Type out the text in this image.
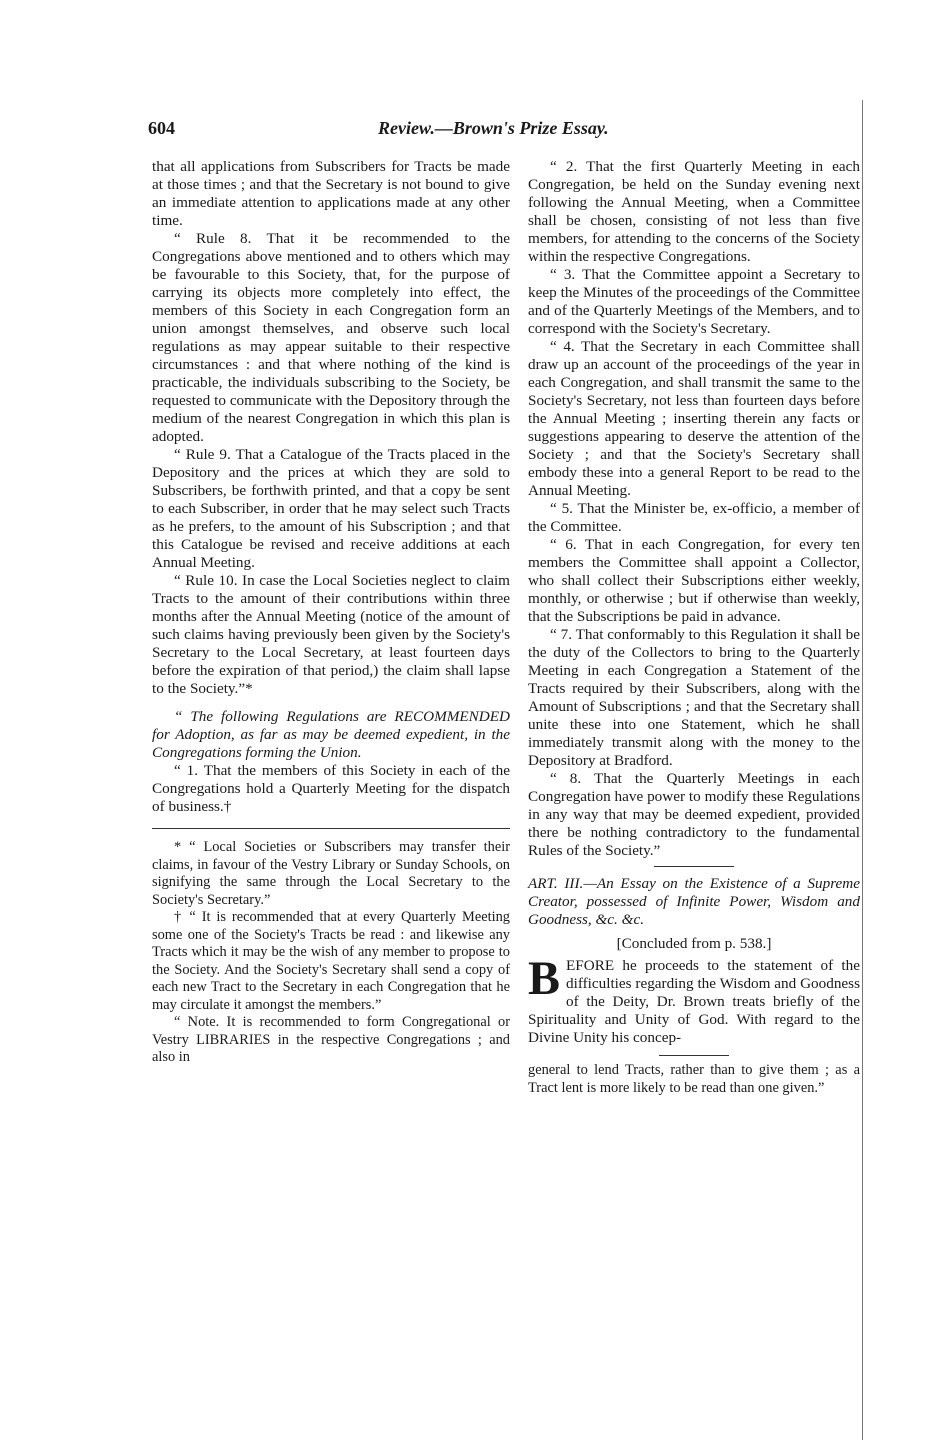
604	Review.—Brown's Prize Essay.

that all applications from Subscribers for Tracts be made at those times ; and that the Secretary is not bound to give an immediate attention to applications made at any other time.

“ Rule 8. That it be recommended to the Congregations above mentioned and to others which may be favourable to this Society, that, for the purpose of carrying its objects more completely into effect, the members of this Society in each Congregation form an union amongst themselves, and observe such local regulations as may appear suitable to their respective circumstances : and that where nothing of the kind is practicable, the individuals subscribing to the Society, be requested to communicate with the Depository through the medium of the nearest Congregation in which this plan is adopted.

“ Rule 9. That a Catalogue of the Tracts placed in the Depository and the prices at which they are sold to Subscribers, be forthwith printed, and that a copy be sent to each Subscriber, in order that he may select such Tracts as he prefers, to the amount of his Subscription ; and that this Catalogue be revised and receive additions at each Annual Meeting.

“ Rule 10. In case the Local Societies neglect to claim Tracts to the amount of their contributions within three months after the Annual Meeting (notice of the amount of such claims having previously been given by the Society's Secretary to the Local Secretary, at least fourteen days before the expiration of that period,) the claim shall lapse to the Society.”*

“ The following Regulations are RECOMMENDED for Adoption, as far as may be deemed expedient, in the Congregations forming the Union.

“ 1. That the members of this Society in each of the Congregations hold a Quarterly Meeting for the dispatch of business.†

* “ Local Societies or Subscribers may transfer their claims, in favour of the Vestry Library or Sunday Schools, on signifying the same through the Local Secretary to the Society's Secretary.”

† “ It is recommended that at every Quarterly Meeting some one of the Society's Tracts be read : and likewise any Tracts which it may be the wish of any member to propose to the Society. And the Society's Secretary shall send a copy of each new Tract to the Secretary in each Congregation that he may circulate it amongst the members.”

“ Note. It is recommended to form Congregational or Vestry LIBRARIES in the respective Congregations ; and also in

“ 2. That the first Quarterly Meeting in each Congregation, be held on the Sunday evening next following the Annual Meeting, when a Committee shall be chosen, consisting of not less than five members, for attending to the concerns of the Society within the respective Congregations.

“ 3. That the Committee appoint a Secretary to keep the Minutes of the proceedings of the Committee and of the Quarterly Meetings of the Members, and to correspond with the Society's Secretary.

“ 4. That the Secretary in each Committee shall draw up an account of the proceedings of the year in each Congregation, and shall transmit the same to the Society's Secretary, not less than fourteen days before the Annual Meeting ; inserting therein any facts or suggestions appearing to deserve the attention of the Society ; and that the Society's Secretary shall embody these into a general Report to be read to the Annual Meeting.

“ 5. That the Minister be, ex-officio, a member of the Committee.

“ 6. That in each Congregation, for every ten members the Committee shall appoint a Collector, who shall collect their Subscriptions either weekly, monthly, or otherwise ; but if otherwise than weekly, that the Subscriptions be paid in advance.

“ 7. That conformably to this Regulation it shall be the duty of the Collectors to bring to the Quarterly Meeting in each Congregation a Statement of the Tracts required by their Subscribers, along with the Amount of Subscriptions ; and that the Secretary shall unite these into one Statement, which he shall immediately transmit along with the money to the Depository at Bradford.

“ 8. That the Quarterly Meetings in each Congregation have power to modify these Regulations in any way that may be deemed expedient, provided there be nothing contradictory to the fundamental Rules of the Society.”

ART. III.—An Essay on the Existence of a Supreme Creator, possessed of Infinite Power, Wisdom and Goodness, &c. &c.

[Concluded from p. 538.]

BEFORE he proceeds to the statement of the difficulties regarding the Wisdom and Goodness of the Deity, Dr. Brown treats briefly of the Spirituality and Unity of God. With regard to the Divine Unity his concep-

general to lend Tracts, rather than to give them ; as a Tract lent is more likely to be read than one given.”
